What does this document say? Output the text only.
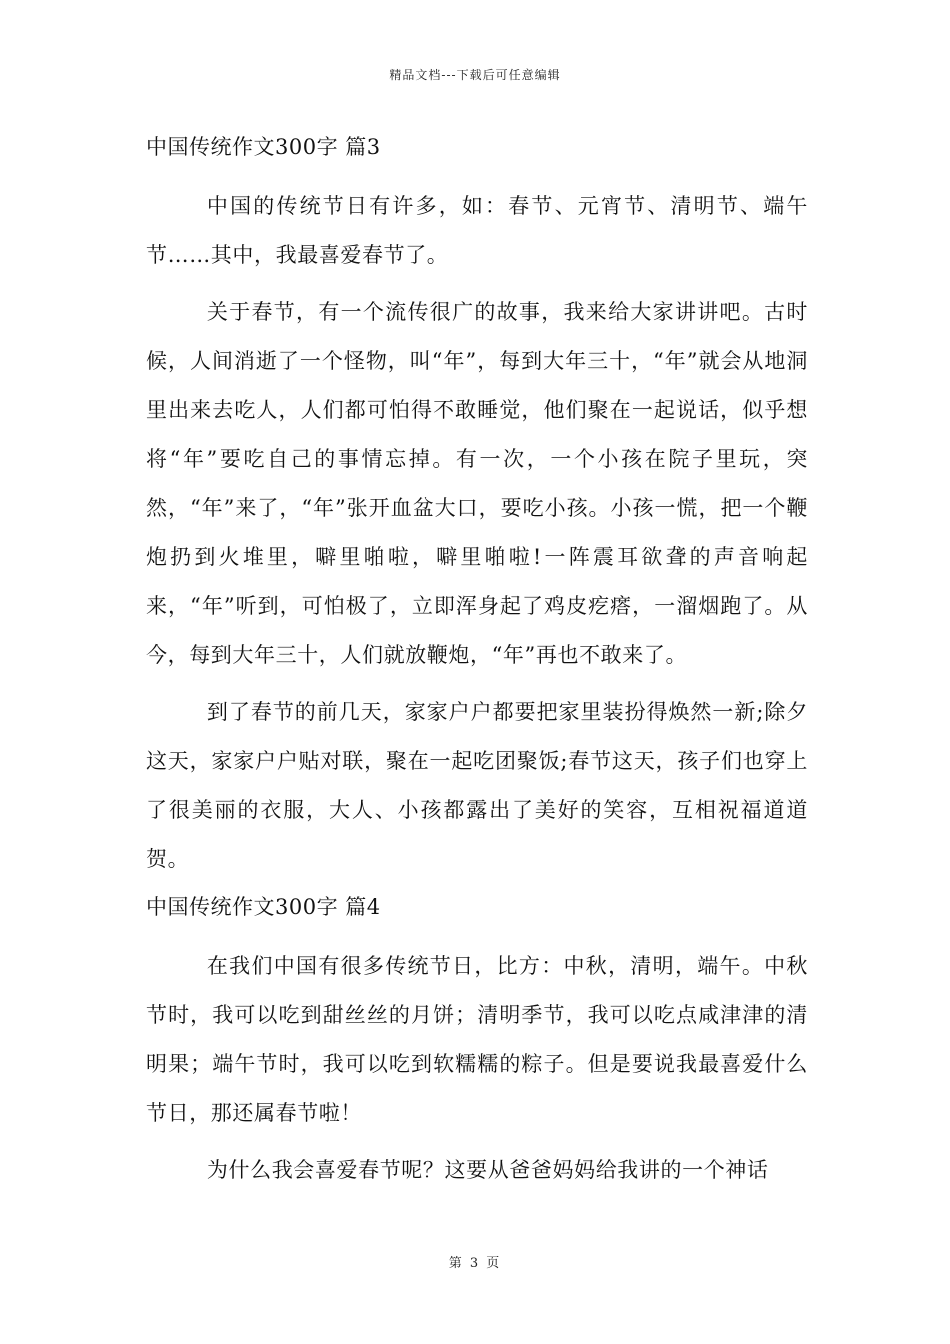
精品文档---下载后可任意编辑
中国传统作文300字 篇3

中国的传统节日有许多，如：春节、元宵节、清明节、端午节……其中，我最喜爱春节了。

关于春节，有一个流传很广的故事，我来给大家讲讲吧。古时候，人间消逝了一个怪物，叫“年”，每到大年三十，“年”就会从地洞里出来去吃人，人们都可怕得不敢睡觉，他们聚在一起说话，似乎想将“年”要吃自己的事情忘掉。有一次，一个小孩在院子里玩，突然，“年”来了，“年”张开血盆大口，要吃小孩。小孩一慌，把一个鞭炮扔到火堆里，噼里啪啦，噼里啪啦!一阵震耳欲聋的声音响起来，“年”听到，可怕极了，立即浑身起了鸡皮疙瘩，一溜烟跑了。从今，每到大年三十，人们就放鞭炮，“年”再也不敢来了。

到了春节的前几天，家家户户都要把家里装扮得焕然一新;除夕这天，家家户户贴对联，聚在一起吃团聚饭;春节这天，孩子们也穿上了很美丽的衣服，大人、小孩都露出了美好的笑容，互相祝福道道贺。

中国传统作文300字 篇4

在我们中国有很多传统节日，比方：中秋，清明，端午。中秋节时，我可以吃到甜丝丝的月饼；清明季节，我可以吃点咸津津的清明果；端午节时，我可以吃到软糯糯的粽子。但是要说我最喜爱什么节日，那还属春节啦！

为什么我会喜爱春节呢？这要从爸爸妈妈给我讲的一个神话

第 3 页
